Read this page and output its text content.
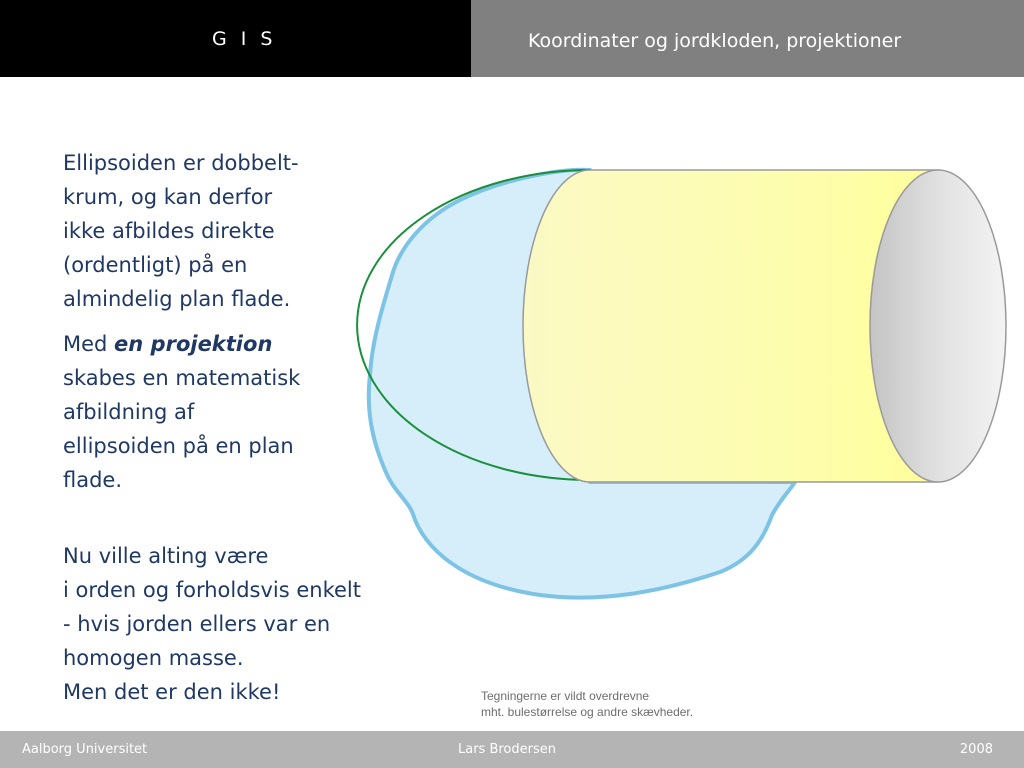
G I S	Koordinater og jordkloden, projektioner

Ellipsoiden er dobbelt-
krum, og kan derfor
ikke afbildes direkte
(ordentligt) på en
almindelig plan flade.

Med en projektion
skabes en matematisk
afbildning af
ellipsoiden på en plan
flade.

Nu ville alting være
i orden og forholdsvis enkelt
- hvis jorden ellers var en
homogen masse.
Men det er den ikke!	Tegningerne er vildt overdrevne
mht. bulestørrelse og andre skævheder.
Aalborg Universitet	Lars Brodersen	2008
